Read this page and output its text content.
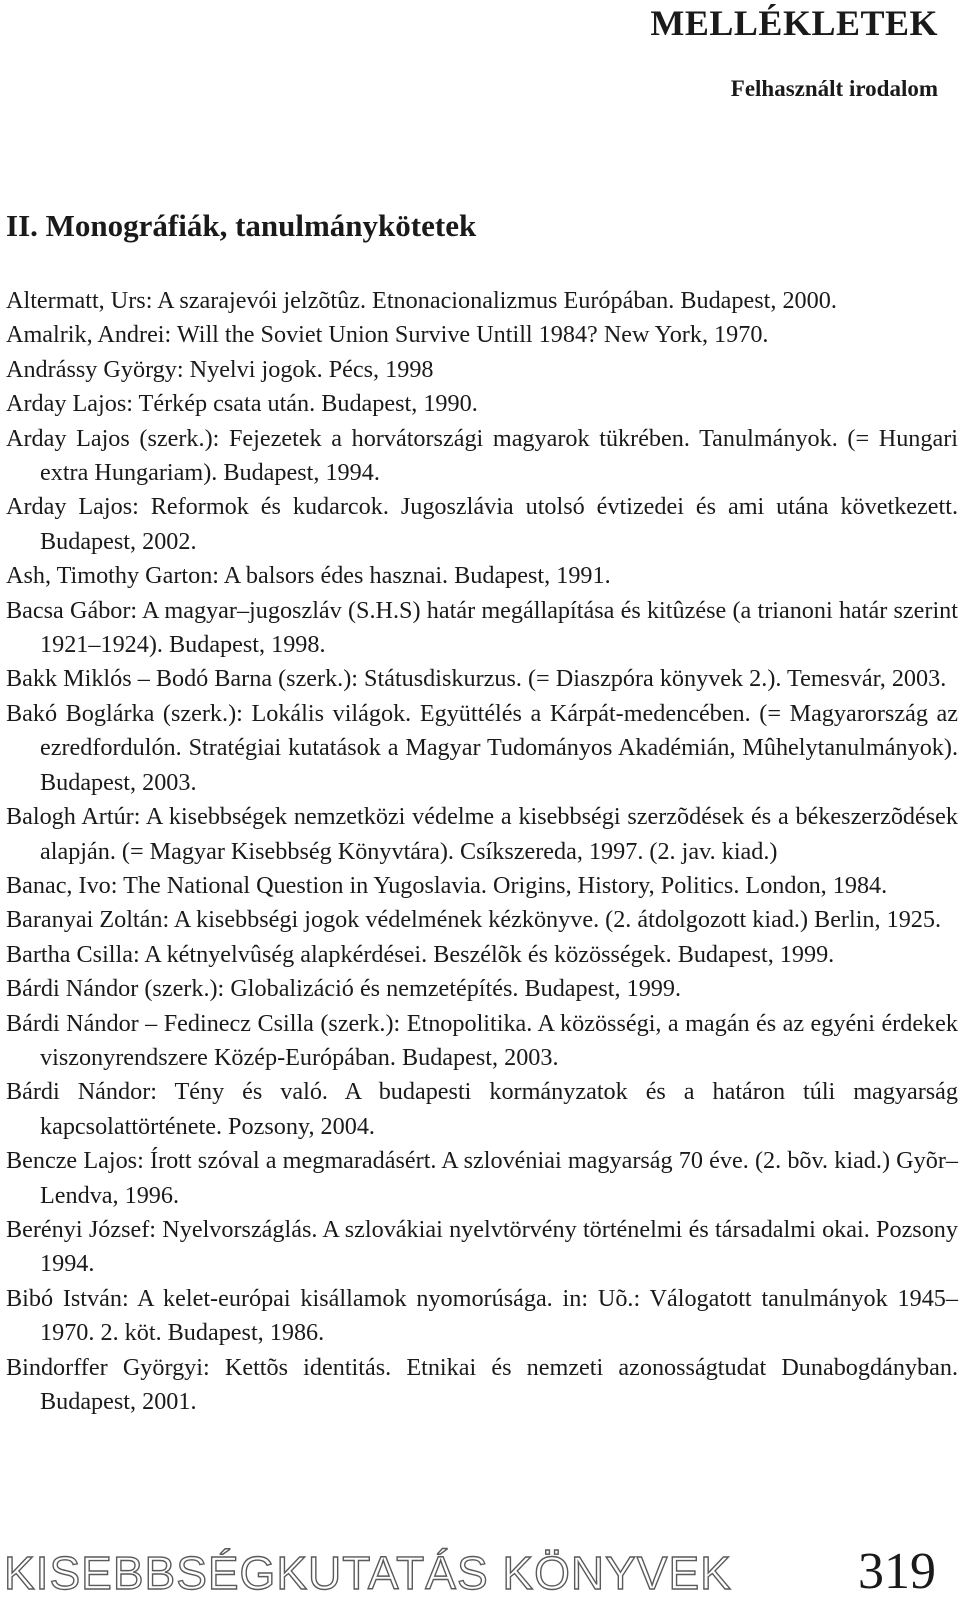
MELLÉKLETEK
Felhasznált irodalom
II. Monográfiák, tanulmánykötetek
Altermatt, Urs: A szarajevói jelzõtûz. Etnonacionalizmus Európában. Budapest, 2000.
Amalrik, Andrei: Will the Soviet Union Survive Untill 1984? New York, 1970.
Andrássy György: Nyelvi jogok. Pécs, 1998
Arday Lajos: Térkép csata után. Budapest, 1990.
Arday Lajos (szerk.): Fejezetek a horvátországi magyarok tükrében. Tanulmányok. (= Hungari extra Hungariam). Budapest, 1994.
Arday Lajos: Reformok és kudarcok. Jugoszlávia utolsó évtizedei és ami utána következett. Budapest, 2002.
Ash, Timothy Garton: A balsors édes hasznai. Budapest, 1991.
Bacsa Gábor: A magyar–jugoszláv (S.H.S) határ megállapítása és kitûzése (a trianoni határ szerint 1921–1924). Budapest, 1998.
Bakk Miklós – Bodó Barna (szerk.): Státusdiskurzus. (= Diaszpóra könyvek 2.). Temesvár, 2003.
Bakó Boglárka (szerk.): Lokális világok. Együttélés a Kárpát-medencében. (= Magyarország az ezredfordulón. Stratégiai kutatások a Magyar Tudományos Akadémián, Mûhelytanulmányok). Budapest, 2003.
Balogh Artúr: A kisebbségek nemzetközi védelme a kisebbségi szerzõdések és a békeszerzõdések alapján. (= Magyar Kisebbség Könyvtára). Csíkszereda, 1997. (2. jav. kiad.)
Banac, Ivo: The National Question in Yugoslavia. Origins, History, Politics. London, 1984.
Baranyai Zoltán: A kisebbségi jogok védelmének kézkönyve. (2. átdolgozott kiad.) Berlin, 1925.
Bartha Csilla: A kétnyelvûség alapkérdései. Beszélõk és közösségek. Budapest, 1999.
Bárdi Nándor (szerk.): Globalizáció és nemzetépítés. Budapest, 1999.
Bárdi Nándor – Fedinecz Csilla (szerk.): Etnopolitika. A közösségi, a magán és az egyéni érdekek viszonyrendszere Közép-Európában. Budapest, 2003.
Bárdi Nándor: Tény és való. A budapesti kormányzatok és a határon túli magyarság kapcsolattörténete. Pozsony, 2004.
Bencze Lajos: Írott szóval a megmaradásért. A szlovéniai magyarság 70 éve. (2. bõv. kiad.) Gyõr–Lendva, 1996.
Berényi József: Nyelvországlás. A szlovákiai nyelvtörvény történelmi és társadalmi okai. Pozsony 1994.
Bibó István: A kelet-európai kisállamok nyomorúsága. in: Uõ.: Válogatott tanulmányok 1945–1970. 2. köt. Budapest, 1986.
Bindorffer Györgyi: Kettõs identitás. Etnikai és nemzeti azonosságtudat Dunabogdányban. Budapest, 2001.
KISEBBSÉGKUTATÁS KÖNYVEK 319
